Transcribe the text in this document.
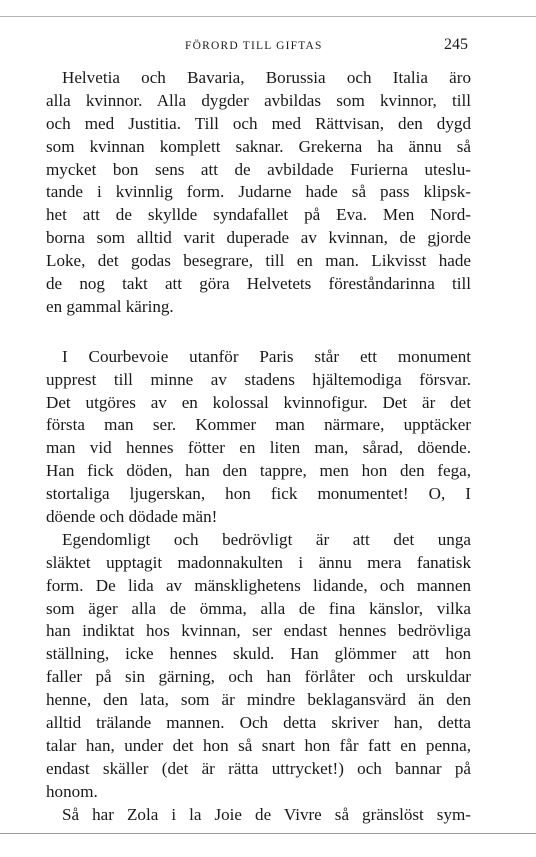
FÖRORD TILL GIFTAS	245
Helvetia och Bavaria, Borussia och Italia äro
alla kvinnor. Alla dygder avbildas som kvinnor, till
och med Justitia. Till och med Rättvisan, den dygd
som kvinnan komplett saknar. Grekerna ha ännu så
mycket bon sens att de avbildade Furierna uteslu-
tande i kvinnlig form. Judarne hade så pass klipsk-
het att de skyllde syndafallet på Eva. Men Nord-
borna som alltid varit duperade av kvinnan, de gjorde
Loke, det godas besegrare, till en man. Likvisst hade
de nog takt att göra Helvetets föreståndarinna till
en gammal käring.
I Courbevoie utanför Paris står ett monument
upprest till minne av stadens hjältemodiga försvar.
Det utgöres av en kolossal kvinnofigur. Det är det
första man ser. Kommer man närmare, upptäcker
man vid hennes fötter en liten man, sårad, döende.
Han fick döden, han den tappre, men hon den fega,
stortaliga ljugerskan, hon fick monumentet! O, I
döende och dödade män!
Egendomligt och bedrövligt är att det unga
släktet upptagit madonnakulten i ännu mera fanatisk
form. De lida av mänsklighetens lidande, och mannen
som äger alla de ömma, alla de fina känslor, vilka
han indiktat hos kvinnan, ser endast hennes bedrövliga
ställning, icke hennes skuld. Han glömmer att hon
faller på sin gärning, och han förlåter och urskuldar
henne, den lata, som är mindre beklagansvärd än den
alltid trälande mannen. Och detta skriver han, detta
talar han, under det hon så snart hon får fatt en penna,
endast skäller (det är rätta uttrycket!) och bannar på
honom.
Så har Zola i la Joie de Vivre så gränslöst sym-
